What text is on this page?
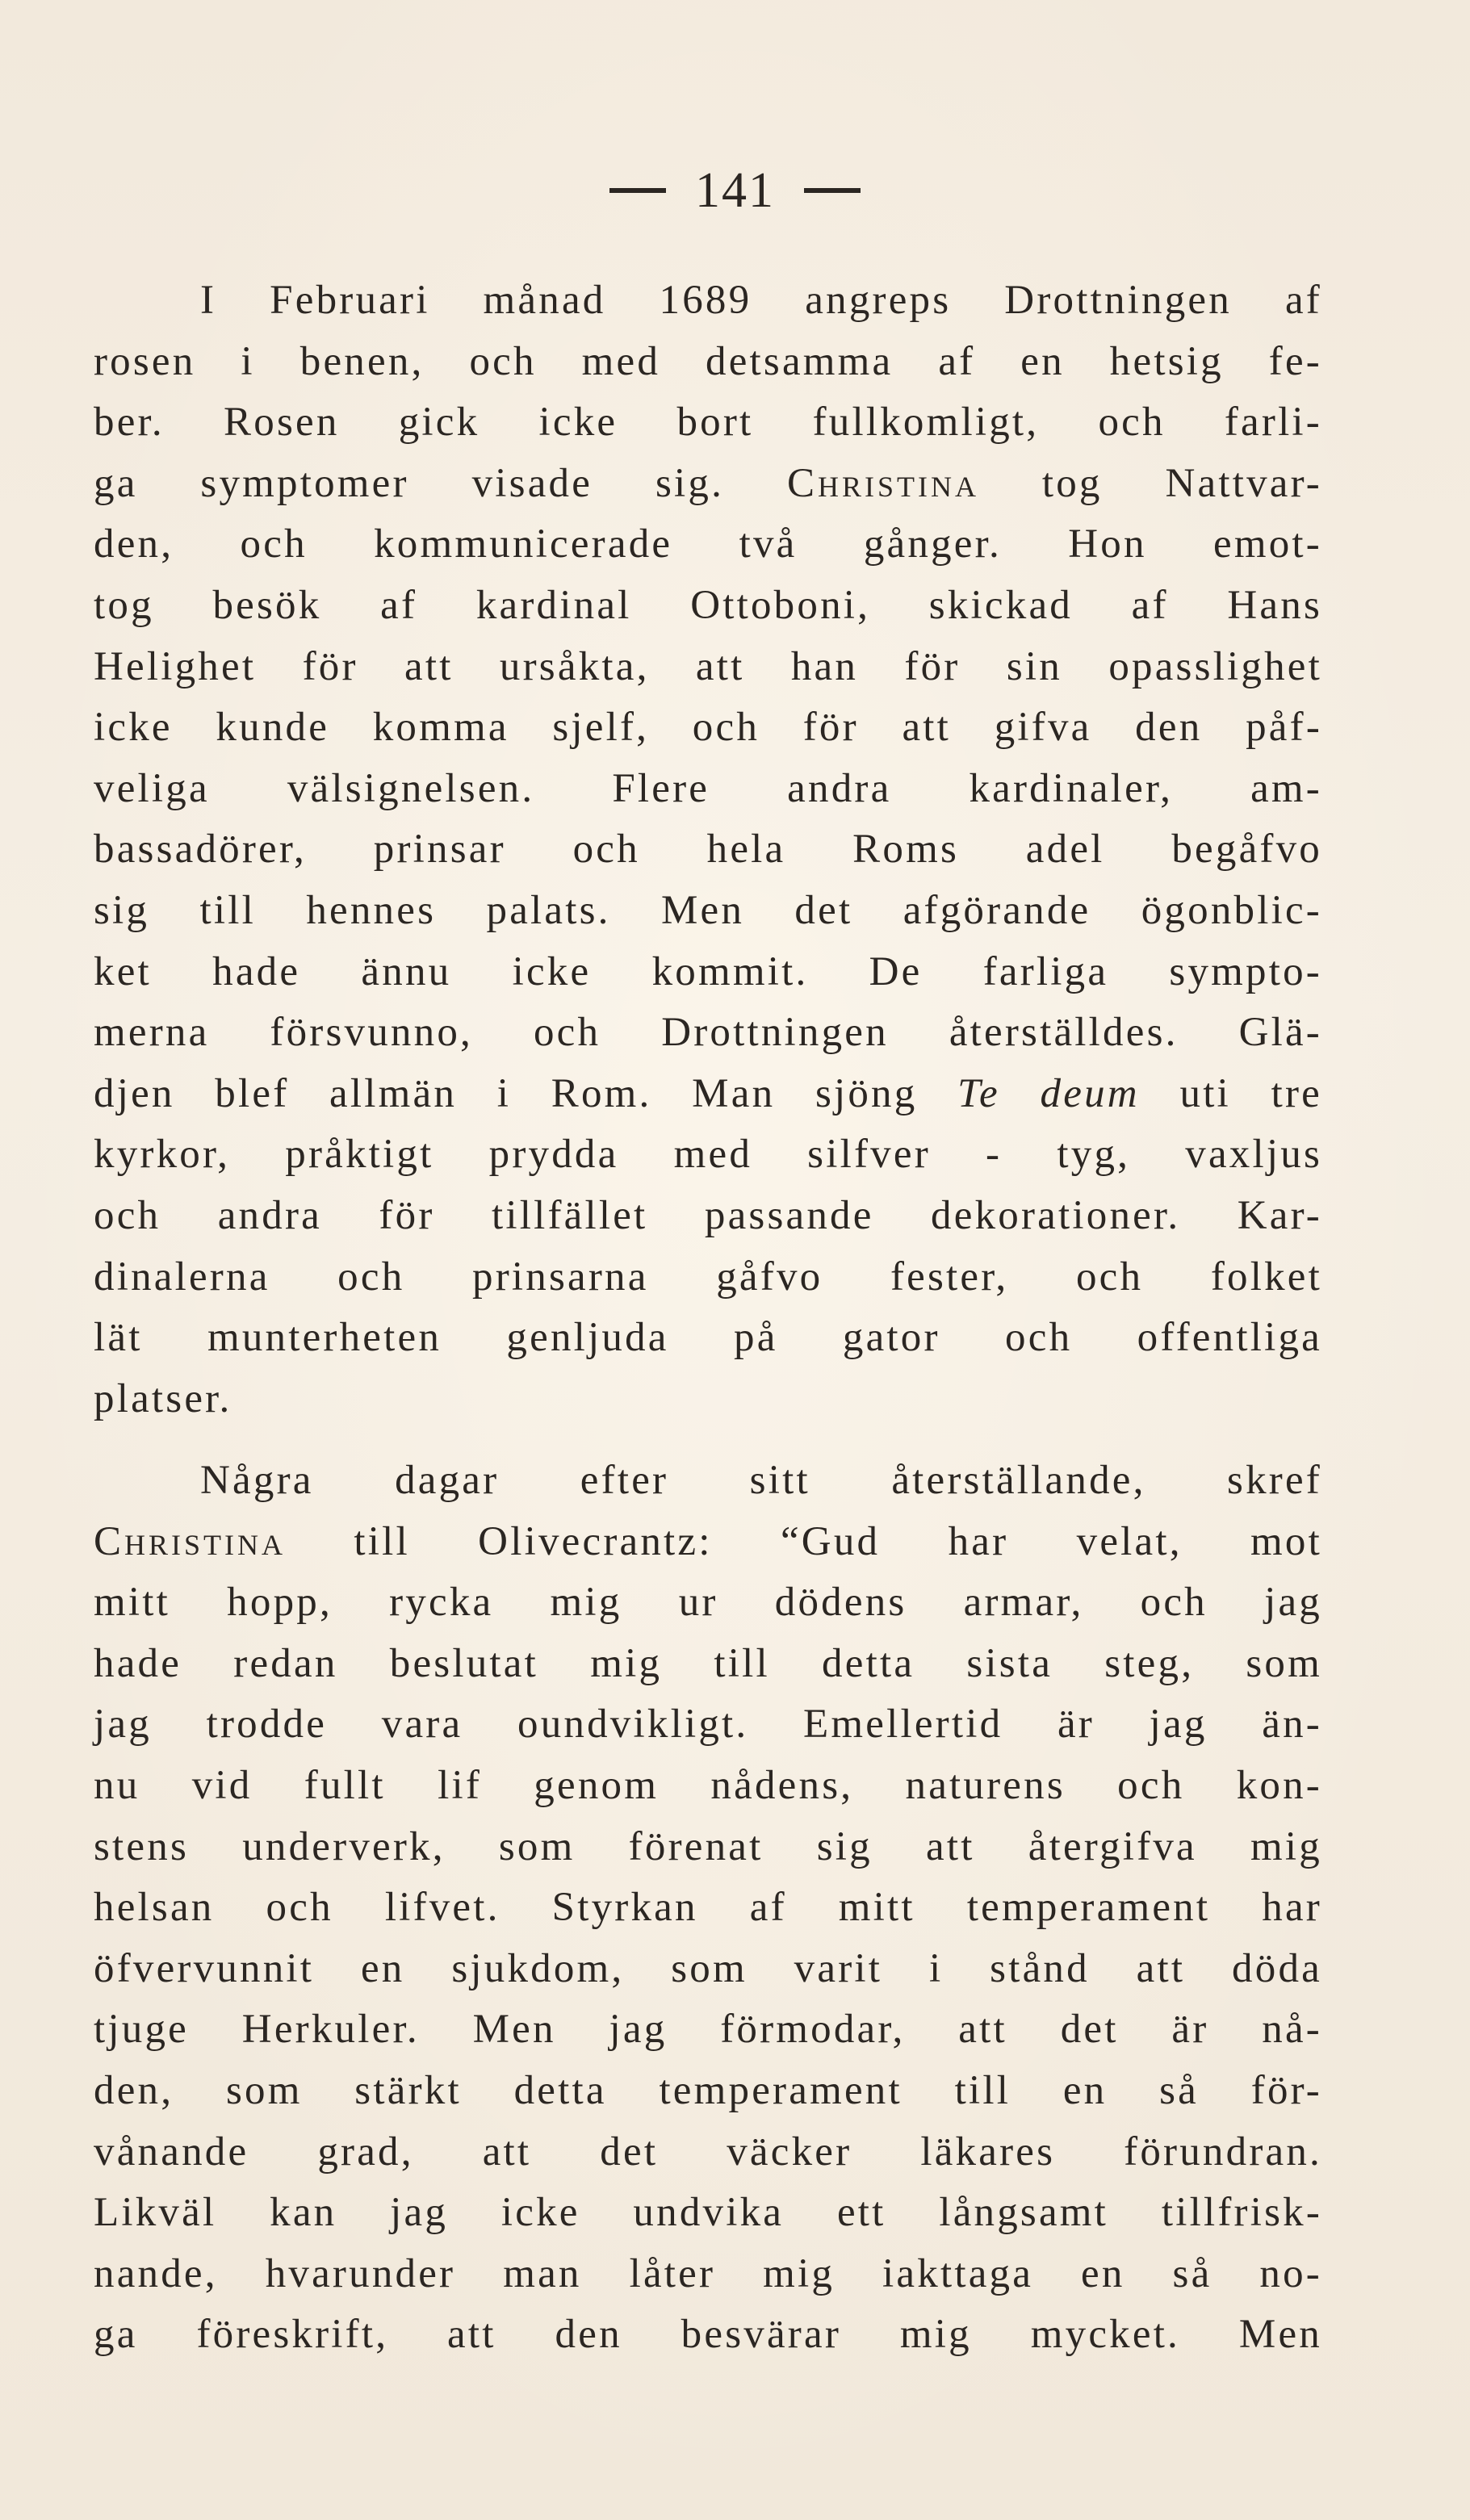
141
I Februari månad 1689 angreps Drottningen af
rosen i benen, och med detsamma af en hetsig fe-
ber. Rosen gick icke bort fullkomligt, och farli-
ga symptomer visade sig. Christina tog Nattvar-
den, och kommunicerade två gånger. Hon emot-
tog besök af kardinal Ottoboni, skickad af Hans
Helighet för att ursåkta, att han för sin opasslighet
icke kunde komma sjelf, och för att gifva den påf-
veliga välsignelsen. Flere andra kardinaler, am-
bassadörer, prinsar och hela Roms adel begåfvo
sig till hennes palats. Men det afgörande ögonblic-
ket hade ännu icke kommit. De farliga sympto-
merna försvunno, och Drottningen återställdes. Glä-
djen blef allmän i Rom. Man sjöng Te deum uti tre
kyrkor, pråktigt prydda med silfver - tyg, vaxljus
och andra för tillfället passande dekorationer. Kar-
dinalerna och prinsarna gåfvo fester, och folket
lät munterheten genljuda på gator och offentliga
platser.
Några dagar efter sitt återställande, skref
Christina till Olivecrantz: “Gud har velat, mot
mitt hopp, rycka mig ur dödens armar, och jag
hade redan beslutat mig till detta sista steg, som
jag trodde vara oundvikligt. Emellertid är jag än-
nu vid fullt lif genom nådens, naturens och kon-
stens underverk, som förenat sig att återgifva mig
helsan och lifvet. Styrkan af mitt temperament har
öfvervunnit en sjukdom, som varit i stånd att döda
tjuge Herkuler. Men jag förmodar, att det är nå-
den, som stärkt detta temperament till en så för-
vånande grad, att det väcker läkares förundran.
Likväl kan jag icke undvika ett långsamt tillfrisk-
nande, hvarunder man låter mig iakttaga en så no-
ga föreskrift, att den besvärar mig mycket. Men
